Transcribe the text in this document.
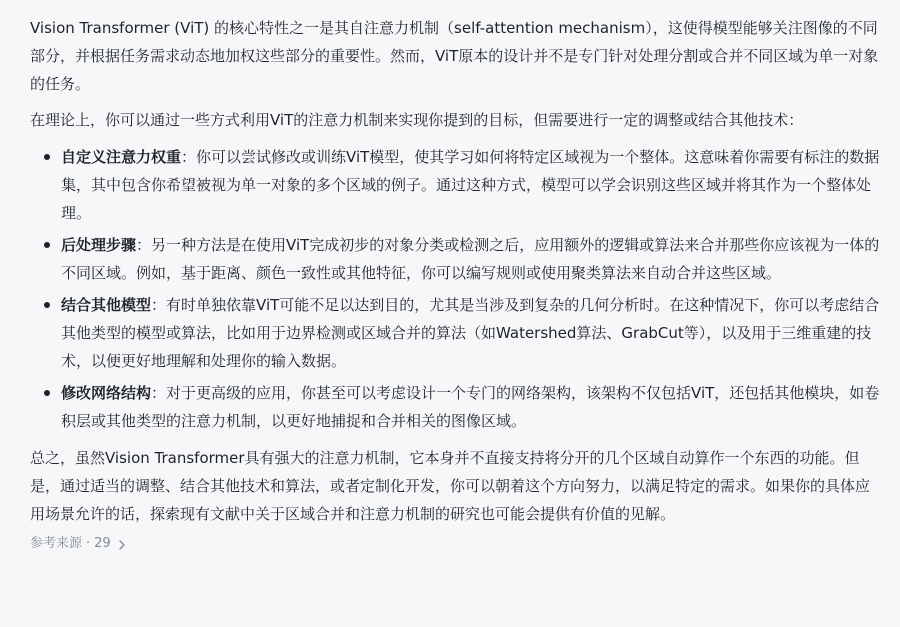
Vision Transformer (ViT) 的核心特性之一是其自注意力机制（self-attention mechanism），这使得模型能够关注图像的不同部分，并根据任务需求动态地加权这些部分的重要性。然而，ViT原本的设计并不是专门针对处理分割或合并不同区域为单一对象的任务。

在理论上，你可以通过一些方式利用ViT的注意力机制来实现你提到的目标，但需要进行一定的调整或结合其他技术：

自定义注意力权重：你可以尝试修改或训练ViT模型，使其学习如何将特定区域视为一个整体。这意味着你需要有标注的数据集，其中包含你希望被视为单一对象的多个区域的例子。通过这种方式，模型可以学会识别这些区域并将其作为一个整体处理。
后处理步骤：另一种方法是在使用ViT完成初步的对象分类或检测之后，应用额外的逻辑或算法来合并那些你应该视为一体的不同区域。例如，基于距离、颜色一致性或其他特征，你可以编写规则或使用聚类算法来自动合并这些区域。
结合其他模型：有时单独依靠ViT可能不足以达到目的，尤其是当涉及到复杂的几何分析时。在这种情况下，你可以考虑结合其他类型的模型或算法，比如用于边界检测或区域合并的算法（如Watershed算法、GrabCut等），以及用于三维重建的技术，以便更好地理解和处理你的输入数据。
修改网络结构：对于更高级的应用，你甚至可以考虑设计一个专门的网络架构，该架构不仅包括ViT，还包括其他模块，如卷积层或其他类型的注意力机制，以更好地捕捉和合并相关的图像区域。

总之，虽然Vision Transformer具有强大的注意力机制，它本身并不直接支持将分开的几个区域自动算作一个东西的功能。但是，通过适当的调整、结合其他技术和算法，或者定制化开发，你可以朝着这个方向努力，以满足特定的需求。如果你的具体应用场景允许的话，探索现有文献中关于区域合并和注意力机制的研究也可能会提供有价值的见解。

参考来源 · 29
